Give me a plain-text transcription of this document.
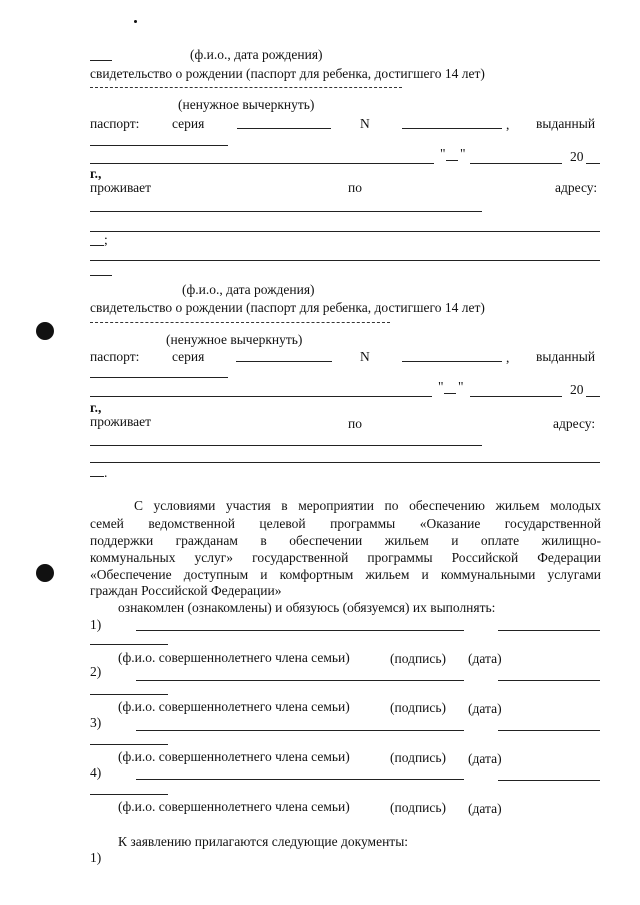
(ф.и.о., дата рождения)
свидетельство о рождении (паспорт для ребенка, достигшего 14 лет)
(ненужное вычеркнуть)
паспорт: серия	N	, выданный
" "	20
г.,
проживает	по	адресу:
;
(ф.и.о., дата рождения)
свидетельство о рождении (паспорт для ребенка, достигшего 14 лет)
(ненужное вычеркнуть)
паспорт: серия	N	, выданный
" "	20
г.,
проживает	по	адресу:
.
С условиями участия в мероприятии по обеспечению жильем молодых
семей ведомственной целевой программы «Оказание государственной
поддержки гражданам в обеспечении жильем и оплате жилищно-
коммунальных услуг» государственной программы Российской Федерации
«Обеспечение доступным и комфортным жильем и коммунальными услугами
граждан Российской Федерации»
ознакомлен (ознакомлены) и обязуюсь (обязуемся) их выполнять:
1)
(ф.и.о. совершеннолетнего члена семьи)	(подпись) (дата)
2)
(ф.и.о. совершеннолетнего члена семьи)	(подпись) (дата)
3)
(ф.и.о. совершеннолетнего члена семьи)	(подпись) (дата)
4)
(ф.и.о. совершеннолетнего члена семьи)	(подпись) (дата)
К заявлению прилагаются следующие документы:
1)
